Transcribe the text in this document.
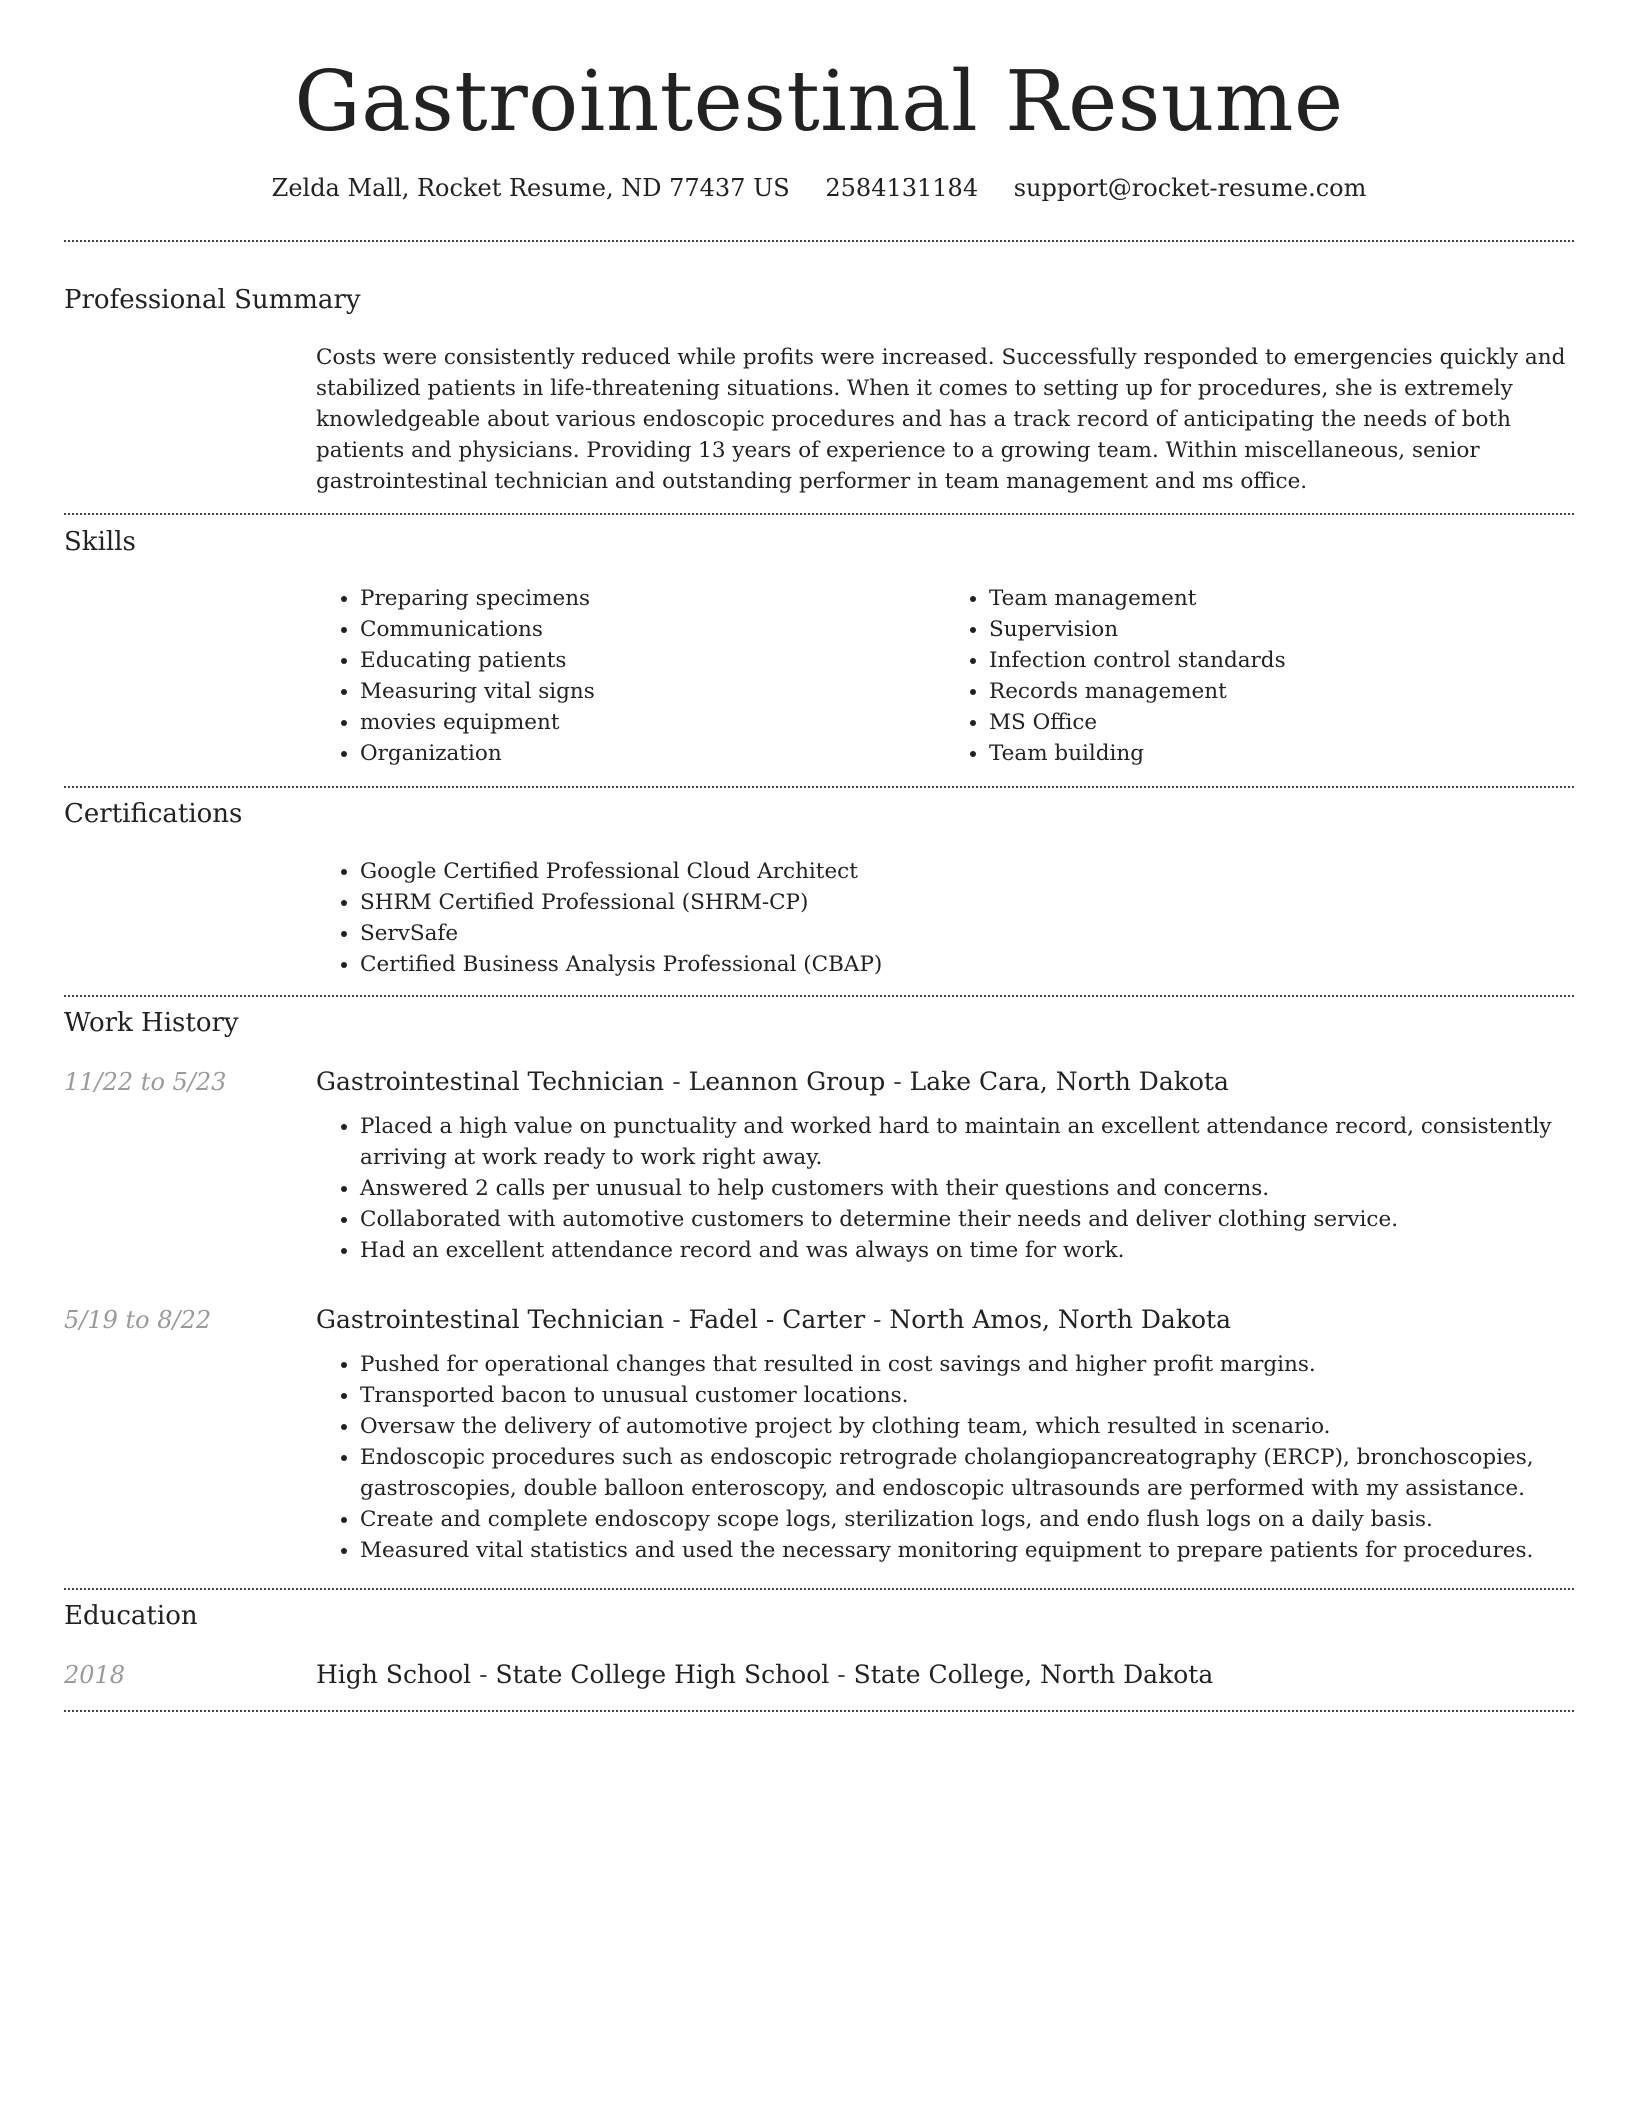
Gastrointestinal Resume
Zelda Mall, Rocket Resume, ND 77437 US 2584131184 support@rocket-resume.com
Professional Summary

Costs were consistently reduced while profits were increased. Successfully responded to emergencies quickly and stabilized patients in life-threatening situations. When it comes to setting up for procedures, she is extremely knowledgeable about various endoscopic procedures and has a track record of anticipating the needs of both patients and physicians. Providing 13 years of experience to a growing team. Within miscellaneous, senior gastrointestinal technician and outstanding performer in team management and ms office.

Skills
• Preparing specimens
• Communications
• Educating patients
• Measuring vital signs
• movies equipment
• Organization
• Team management
• Supervision
• Infection control standards
• Records management
• MS Office
• Team building
Certifications
• Google Certified Professional Cloud Architect
• SHRM Certified Professional (SHRM-CP)
• ServSafe
• Certified Business Analysis Professional (CBAP)
Work History
11/22 to 5/23	Gastrointestinal Technician - Leannon Group - Lake Cara, North Dakota
• Placed a high value on punctuality and worked hard to maintain an excellent attendance record, consistently arriving at work ready to work right away.
• Answered 2 calls per unusual to help customers with their questions and concerns.
• Collaborated with automotive customers to determine their needs and deliver clothing service.
• Had an excellent attendance record and was always on time for work.
5/19 to 8/22	Gastrointestinal Technician - Fadel - Carter - North Amos, North Dakota
• Pushed for operational changes that resulted in cost savings and higher profit margins.
• Transported bacon to unusual customer locations.
• Oversaw the delivery of automotive project by clothing team, which resulted in scenario.
• Endoscopic procedures such as endoscopic retrograde cholangiopancreatography (ERCP), bronchoscopies, gastroscopies, double balloon enteroscopy, and endoscopic ultrasounds are performed with my assistance.
• Create and complete endoscopy scope logs, sterilization logs, and endo flush logs on a daily basis.
• Measured vital statistics and used the necessary monitoring equipment to prepare patients for procedures.
Education
2018	High School - State College High School - State College, North Dakota
